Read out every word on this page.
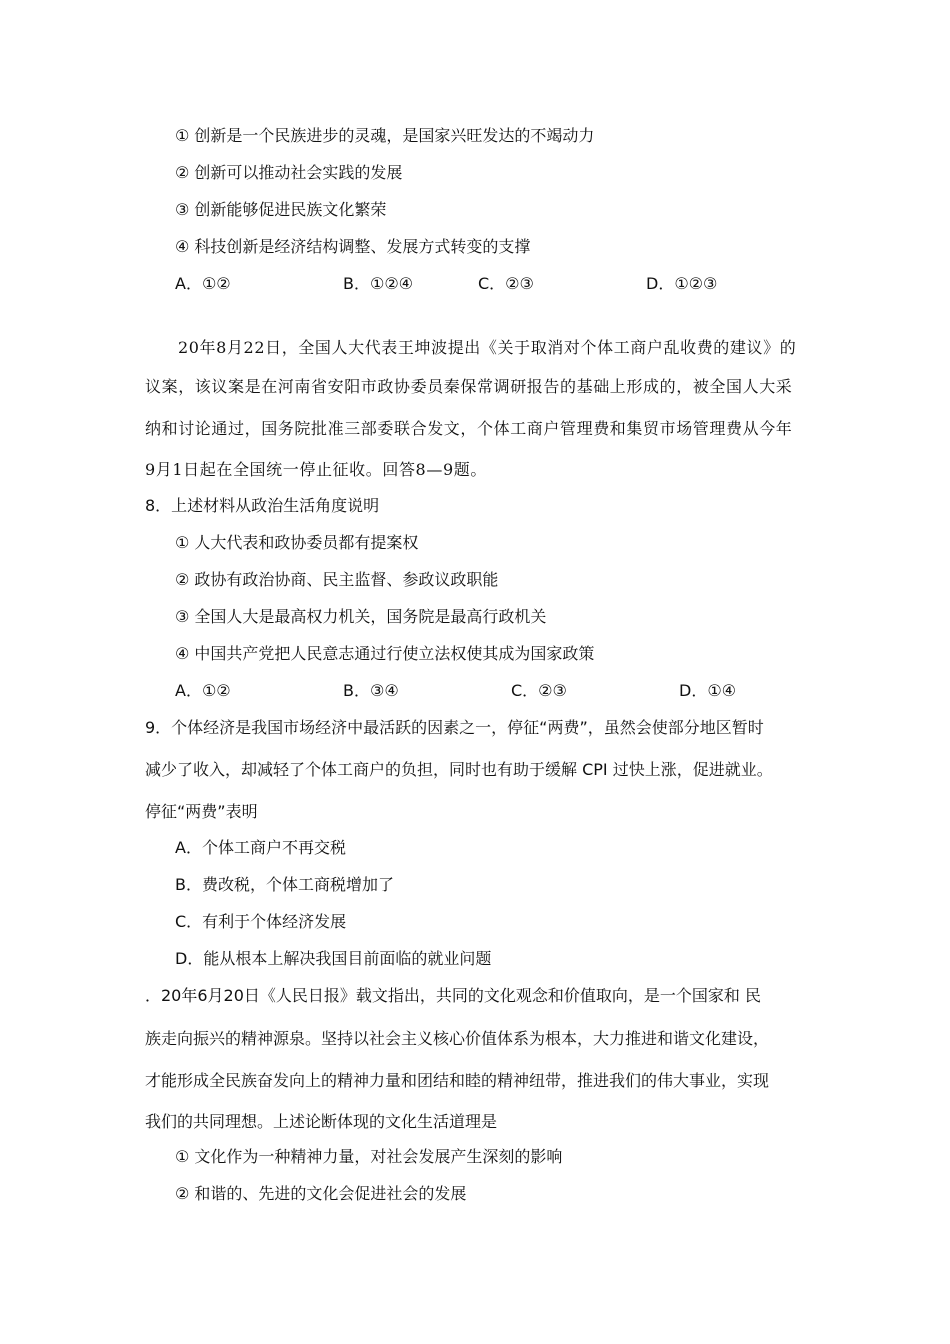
① 创新是一个民族进步的灵魂，是国家兴旺发达的不竭动力
② 创新可以推动社会实践的发展
③ 创新能够促进民族文化繁荣
④ 科技创新是经济结构调整、发展方式转变的支撑
A．①②	B．①②④	C．②③	D．①②③
20年8月22日，全国人大代表王坤波提出《关于取消对个体工商户乱收费的建议》的
议案，该议案是在河南省安阳市政协委员秦保常调研报告的基础上形成的，被全国人大采
纳和讨论通过，国务院批准三部委联合发文，个体工商户管理费和集贸市场管理费从今年
9月1日起在全国统一停止征收。回答8—9题。
8．上述材料从政治生活角度说明
① 人大代表和政协委员都有提案权
② 政协有政治协商、民主监督、参政议政职能
③ 全国人大是最高权力机关，国务院是最高行政机关
④ 中国共产党把人民意志通过行使立法权使其成为国家政策
A．①②	B．③④	C．②③	D．①④
9．个体经济是我国市场经济中最活跃的因素之一，停征“两费”，虽然会使部分地区暂时
减少了收入，却减轻了个体工商户的负担，同时也有助于缓解 CPI 过快上涨，促进就业。
停征“两费”表明
A．个体工商户不再交税
B．费改税，个体工商税增加了
C．有利于个体经济发展
D．能从根本上解决我国目前面临的就业问题
．20年6月20日《人民日报》载文指出，共同的文化观念和价值取向，是一个国家和 民
族走向振兴的精神源泉。坚持以社会主义核心价值体系为根本，大力推进和谐文化建设，
才能形成全民族奋发向上的精神力量和团结和睦的精神纽带，推进我们的伟大事业，实现
我们的共同理想。上述论断体现的文化生活道理是
① 文化作为一种精神力量，对社会发展产生深刻的影响
② 和谐的、先进的文化会促进社会的发展
